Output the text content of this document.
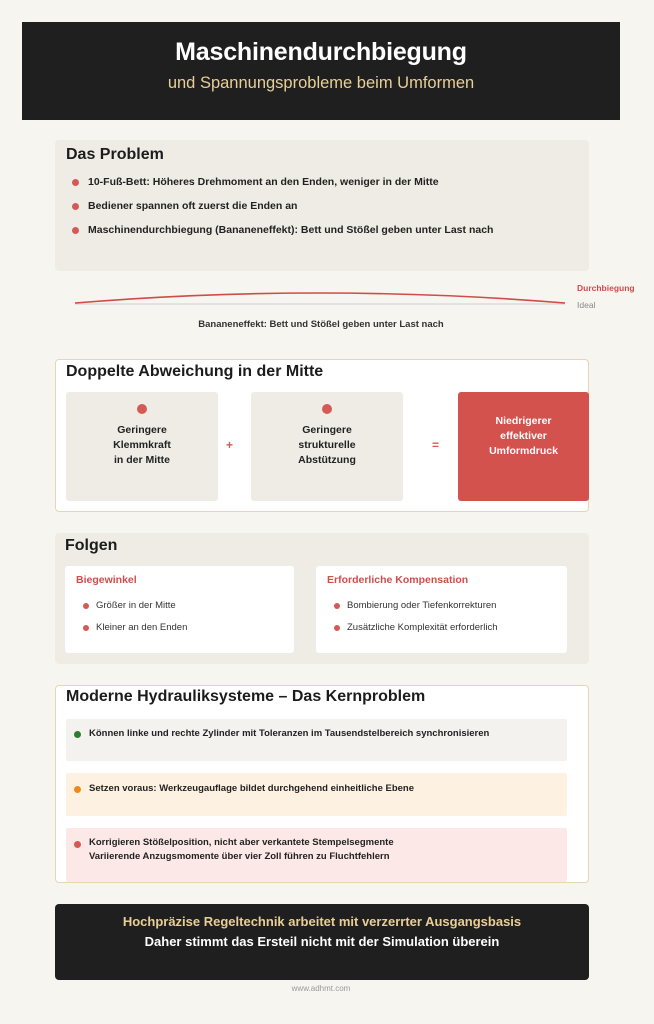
Maschinendurchbiegung
und Spannungsprobleme beim Umformen
Das Problem
10-Fuß-Bett: Höheres Drehmoment an den Enden, weniger in der Mitte
Bediener spannen oft zuerst die Enden an
Maschinendurchbiegung (Bananeneffekt): Bett und Stößel geben unter Last nach
Durchbiegung
Ideal
Bananeneffekt: Bett und Stößel geben unter Last nach
Doppelte Abweichung in der Mitte
Geringere
Klemmkraft
in der Mitte
+
Geringere
strukturelle
Abstützung
=
Niedrigerer
effektiver
Umformdruck
Folgen
Biegewinkel
Größer in der Mitte
Kleiner an den Enden
Erforderliche Kompensation
Bombierung oder Tiefenkorrekturen
Zusätzliche Komplexität erforderlich
Moderne Hydrauliksysteme – Das Kernproblem
Können linke und rechte Zylinder mit Toleranzen im Tausendstelbereich synchronisieren
Setzen voraus: Werkzeugauflage bildet durchgehend einheitliche Ebene
Korrigieren Stößelposition, nicht aber verkantete Stempelsegmente
Variierende Anzugsmomente über vier Zoll führen zu Fluchtfehlern
Hochpräzise Regeltechnik arbeitet mit verzerrter Ausgangsbasis
Daher stimmt das Ersteil nicht mit der Simulation überein
www.adhmt.com
